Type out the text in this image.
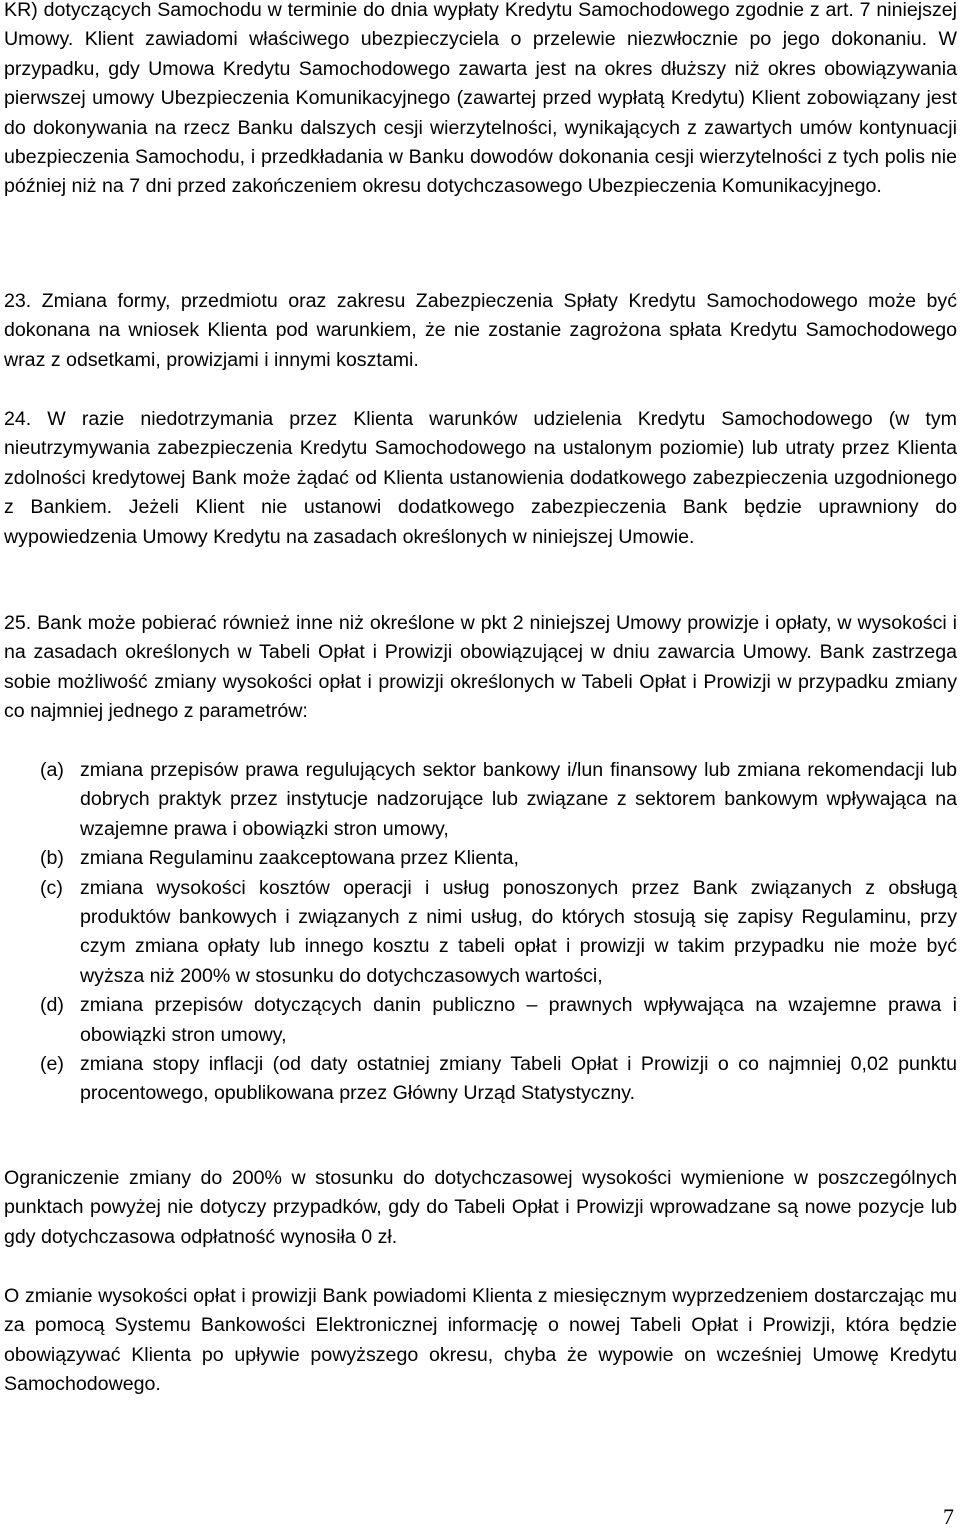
KR) dotyczących Samochodu w terminie do dnia wypłaty Kredytu Samochodowego zgodnie z art. 7 niniejszej Umowy. Klient zawiadomi właściwego ubezpieczyciela o przelewie niezwłocznie po jego dokonaniu. W przypadku, gdy Umowa Kredytu Samochodowego zawarta jest na okres dłuższy niż okres obowiązywania pierwszej umowy Ubezpieczenia Komunikacyjnego (zawartej przed wypłatą Kredytu) Klient zobowiązany jest do dokonywania na rzecz Banku dalszych cesji wierzytelności, wynikających z zawartych umów kontynuacji ubezpieczenia Samochodu, i przedkładania w Banku dowodów dokonania cesji wierzytelności z tych polis nie później niż na 7 dni przed zakończeniem okresu dotychczasowego Ubezpieczenia Komunikacyjnego.

23. Zmiana formy, przedmiotu oraz zakresu Zabezpieczenia Spłaty Kredytu Samochodowego może być dokonana na wniosek Klienta pod warunkiem, że nie zostanie zagrożona spłata Kredytu Samochodowego wraz z odsetkami, prowizjami i innymi kosztami.

24. W razie niedotrzymania przez Klienta warunków udzielenia Kredytu Samochodowego (w tym nieutrzymywania zabezpieczenia Kredytu Samochodowego na ustalonym poziomie) lub utraty przez Klienta zdolności kredytowej Bank może żądać od Klienta ustanowienia dodatkowego zabezpieczenia uzgodnionego z Bankiem. Jeżeli Klient nie ustanowi dodatkowego zabezpieczenia Bank będzie uprawniony do wypowiedzenia Umowy Kredytu na zasadach określonych w niniejszej Umowie.

25. Bank może pobierać również inne niż określone w pkt 2 niniejszej Umowy prowizje i opłaty, w wysokości i na zasadach określonych w Tabeli Opłat i Prowizji obowiązującej w dniu zawarcia Umowy. Bank zastrzega sobie możliwość zmiany wysokości opłat i prowizji określonych w Tabeli Opłat i Prowizji w przypadku zmiany co najmniej jednego z parametrów:

(a) zmiana przepisów prawa regulujących sektor bankowy i/lun finansowy lub zmiana rekomendacji lub dobrych praktyk przez instytucje nadzorujące lub związane z sektorem bankowym wpływająca na wzajemne prawa i obowiązki stron umowy,
(b) zmiana Regulaminu zaakceptowana przez Klienta,
(c) zmiana wysokości kosztów operacji i usług ponoszonych przez Bank związanych z obsługą produktów bankowych i związanych z nimi usług, do których stosują się zapisy Regulaminu, przy czym zmiana opłaty lub innego kosztu z tabeli opłat i prowizji w takim przypadku nie może być wyższa niż 200% w stosunku do dotychczasowych wartości,
(d) zmiana przepisów dotyczących danin publiczno – prawnych wpływająca na wzajemne prawa i obowiązki stron umowy,
(e) zmiana stopy inflacji (od daty ostatniej zmiany Tabeli Opłat i Prowizji o co najmniej 0,02 punktu procentowego, opublikowana przez Główny Urząd Statystyczny.

Ograniczenie zmiany do 200% w stosunku do dotychczasowej wysokości wymienione w poszczególnych punktach powyżej nie dotyczy przypadków, gdy do Tabeli Opłat i Prowizji wprowadzane są nowe pozycje lub gdy dotychczasowa odpłatność wynosiła 0 zł.

O zmianie wysokości opłat i prowizji Bank powiadomi Klienta z miesięcznym wyprzedzeniem dostarczając mu za pomocą Systemu Bankowości Elektronicznej informację o nowej Tabeli Opłat i Prowizji, która będzie obowiązywać Klienta po upływie powyższego okresu, chyba że wypowie on wcześniej Umowę Kredytu Samochodowego.

7
